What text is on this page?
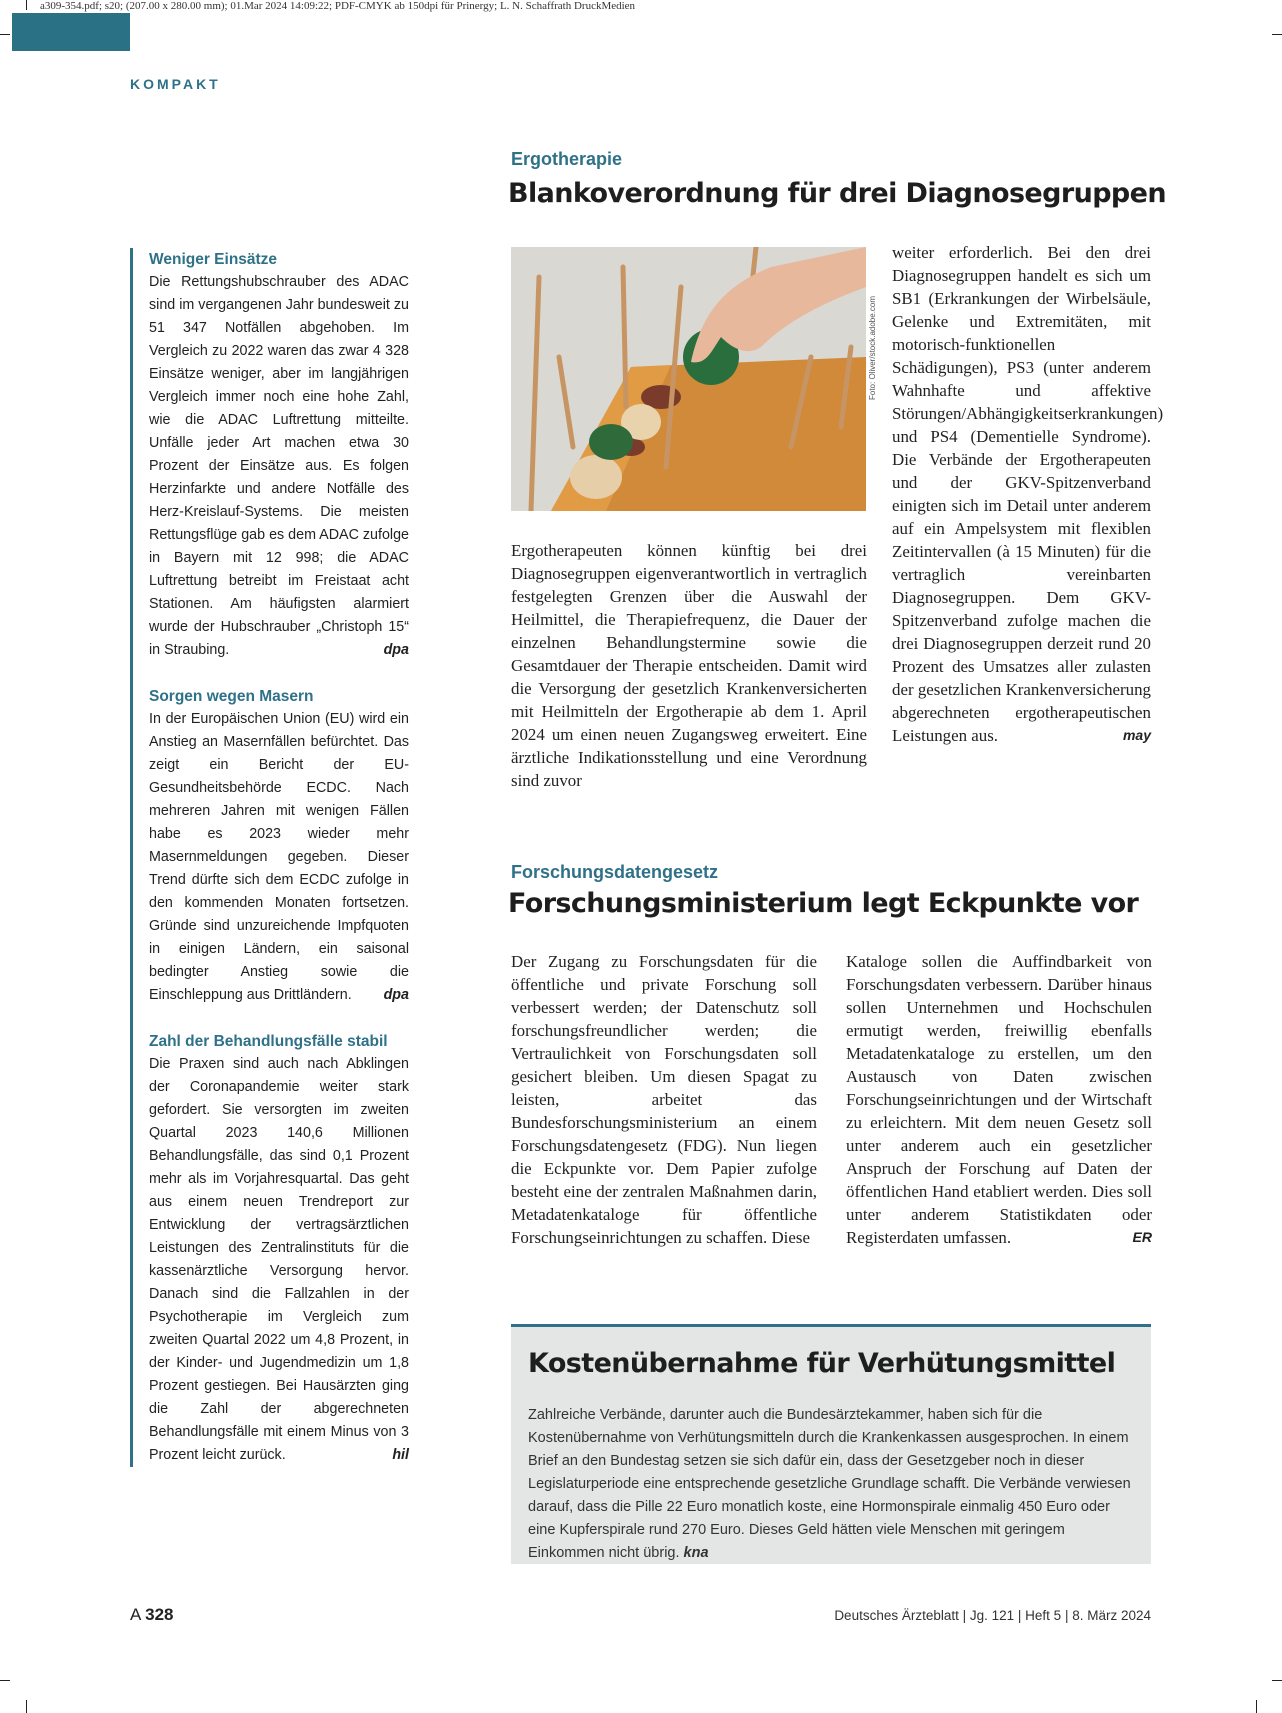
a309-354.pdf; s20; (207.00 x 280.00 mm); 01.Mar 2024 14:09:22; PDF-CMYK ab 150dpi für Prinergy; L. N. Schaffrath DruckMedien
KOMPAKT

Weniger Einsätze

Die Rettungshubschrauber des ADAC sind im vergangenen Jahr bundesweit zu 51 347 Notfällen abgehoben. Im Vergleich zu 2022 waren das zwar 4 328 Einsätze weniger, aber im langjährigen Vergleich immer noch eine hohe Zahl, wie die ADAC Luftrettung mitteilte. Unfälle jeder Art machen etwa 30 Prozent der Einsätze aus. Es folgen Herzinfarkte und andere Notfälle des Herz-Kreislauf-Systems. Die meisten Rettungsflüge gab es dem ADAC zufolge in Bayern mit 12 998; die ADAC Luftrettung betreibt im Freistaat acht Stationen. Am häufigsten alarmiert wurde der Hubschrauber „Christoph 15“ in Straubing.	dpa

Sorgen wegen Masern

In der Europäischen Union (EU) wird ein Anstieg an Masernfällen befürchtet. Das zeigt ein Bericht der EU-Gesundheitsbehörde ECDC. Nach mehreren Jahren mit wenigen Fällen habe es 2023 wieder mehr Masernmeldungen gegeben. Dieser Trend dürfte sich dem ECDC zufolge in den kommenden Monaten fortsetzen. Gründe sind unzureichende Impfquoten in einigen Ländern, ein saisonal bedingter Anstieg sowie die Einschleppung aus Drittländern.	dpa

Zahl der Behandlungsfälle stabil

Die Praxen sind auch nach Abklingen der Coronapandemie weiter stark gefordert. Sie versorgten im zweiten Quartal 2023 140,6 Millionen Behandlungsfälle, das sind 0,1 Prozent mehr als im Vorjahresquartal. Das geht aus einem neuen Trendreport zur Entwicklung der vertragsärztlichen Leistungen des Zentralinstituts für die kassenärztliche Versorgung hervor. Danach sind die Fallzahlen in der Psychotherapie im Vergleich zum zweiten Quartal 2022 um 4,8 Prozent, in der Kinder- und Jugendmedizin um 1,8 Prozent gestiegen. Bei Hausärzten ging die Zahl der abgerechneten Behandlungsfälle mit einem Minus von 3 Prozent leicht zurück.	hil

Ergotherapie
Blankoverordnung für drei Diagnosegruppen
Foto: Oliver/stock.adobe.com

Ergotherapeuten können künftig bei drei Diagnosegruppen eigenverantwortlich in vertraglich festgelegten Grenzen über die Auswahl der Heilmittel, die Therapiefrequenz, die Dauer der einzelnen Behandlungstermine sowie die Gesamtdauer der Therapie entscheiden. Damit wird die Versorgung der gesetzlich Krankenversicherten mit Heilmitteln der Ergotherapie ab dem 1. April 2024 um einen neuen Zugangsweg erweitert. Eine ärztliche Indikationsstellung und eine Verordnung sind zuvor

weiter erforderlich. Bei den drei Diagnosegruppen handelt es sich um SB1 (Erkrankungen der Wirbelsäule, Gelenke und Extremitäten, mit motorisch-funktionellen Schädigungen), PS3 (unter anderem Wahnhafte und affektive Störungen/Abhängigkeitserkrankungen) und PS4 (Dementielle Syndrome). Die Verbände der Ergotherapeuten und der GKV-Spitzenverband einigten sich im Detail unter anderem auf ein Ampelsystem mit flexiblen Zeitintervallen (à 15 Minuten) für die vertraglich vereinbarten Diagnosegruppen. Dem GKV-Spitzenverband zufolge machen die drei Diagnosegruppen derzeit rund 20 Prozent des Umsatzes aller zulasten der gesetzlichen Krankenversicherung abgerechneten ergotherapeutischen Leistungen aus.	may

Forschungsdatengesetz
Forschungsministerium legt Eckpunkte vor

Der Zugang zu Forschungsdaten für die öffentliche und private Forschung soll verbessert werden; der Datenschutz soll forschungsfreundlicher werden; die Vertraulichkeit von Forschungsdaten soll gesichert bleiben. Um diesen Spagat zu leisten, arbeitet das Bundesforschungsministerium an einem Forschungsdatengesetz (FDG). Nun liegen die Eckpunkte vor. Dem Papier zufolge besteht eine der zentralen Maßnahmen darin, Metadatenkataloge für öffentliche Forschungseinrichtungen zu schaffen. Diese

Kataloge sollen die Auffindbarkeit von Forschungsdaten verbessern. Darüber hinaus sollen Unternehmen und Hochschulen ermutigt werden, freiwillig ebenfalls Metadatenkataloge zu erstellen, um den Austausch von Daten zwischen Forschungseinrichtungen und der Wirtschaft zu erleichtern. Mit dem neuen Gesetz soll unter anderem auch ein gesetzlicher Anspruch der Forschung auf Daten der öffentlichen Hand etabliert werden. Dies soll unter anderem Statistikdaten oder Registerdaten umfassen.	ER

Kostenübernahme für Verhütungsmittel

Zahlreiche Verbände, darunter auch die Bundesärztekammer, haben sich für die Kostenübernahme von Verhütungsmitteln durch die Krankenkassen ausgesprochen. In einem Brief an den Bundestag setzen sie sich dafür ein, dass der Gesetzgeber noch in dieser Legislaturperiode eine entsprechende gesetzliche Grundlage schafft. Die Verbände verwiesen darauf, dass die Pille 22 Euro monatlich koste, eine Hormonspirale einmalig 450 Euro oder eine Kupferspirale rund 270 Euro. Dieses Geld hätten viele Menschen mit geringem Einkommen nicht übrig. kna

A 328	Deutsches Ärzteblatt | Jg. 121 | Heft 5 | 8. März 2024
